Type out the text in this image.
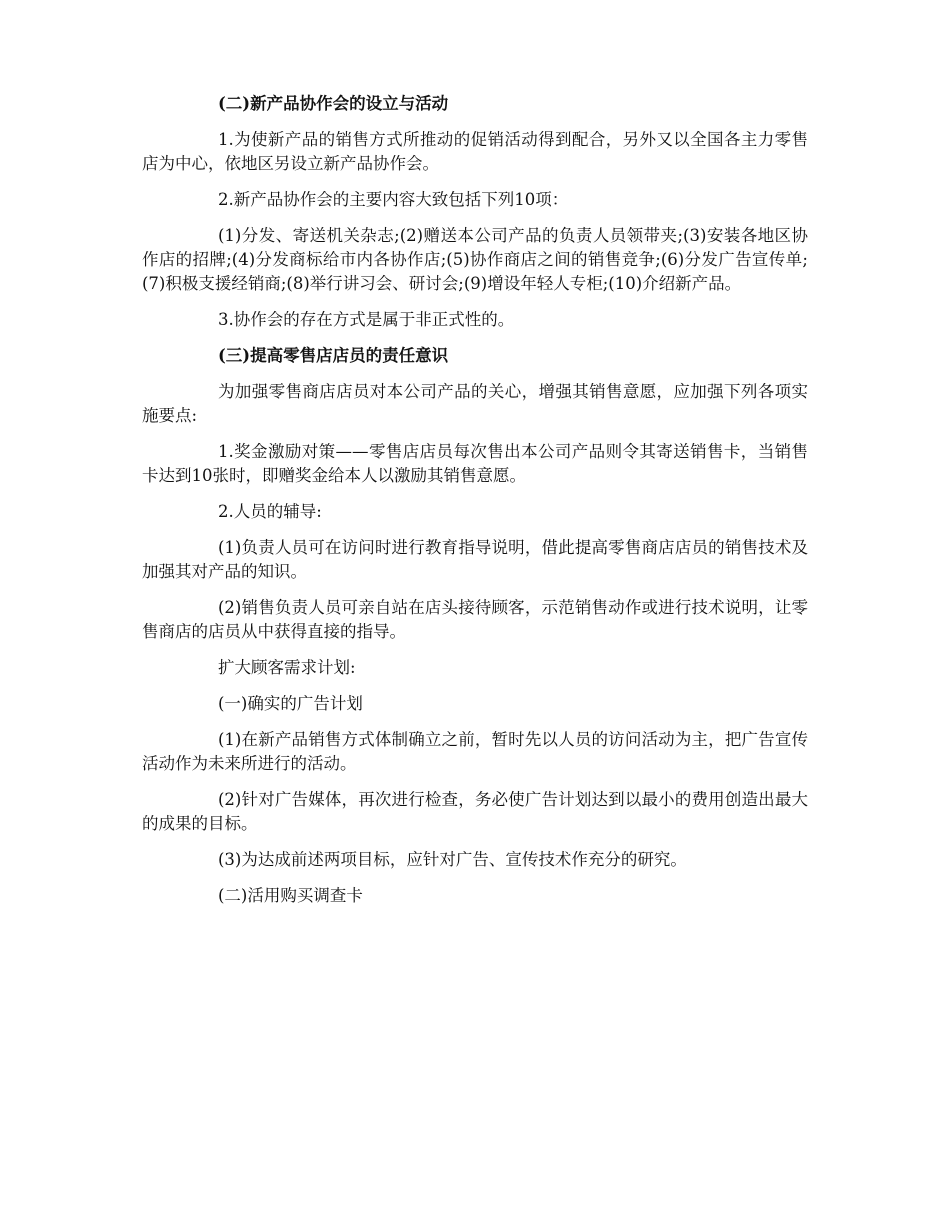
(二)新产品协作会的设立与活动

1.为使新产品的销售方式所推动的促销活动得到配合，另外又以全国各主力零售店为中心，依地区另设立新产品协作会。

2.新产品协作会的主要内容大致包括下列10项：

(1)分发、寄送机关杂志;(2)赠送本公司产品的负责人员领带夹;(3)安装各地区协作店的招牌;(4)分发商标给市内各协作店;(5)协作商店之间的销售竞争;(6)分发广告宣传单;(7)积极支援经销商;(8)举行讲习会、研讨会;(9)增设年轻人专柜;(10)介绍新产品。

3.协作会的存在方式是属于非正式性的。

(三)提高零售店店员的责任意识

为加强零售商店店员对本公司产品的关心，增强其销售意愿，应加强下列各项实施要点:

1.奖金激励对策——零售店店员每次售出本公司产品则令其寄送销售卡，当销售卡达到10张时，即赠奖金给本人以激励其销售意愿。

2.人员的辅导:

(1)负责人员可在访问时进行教育指导说明，借此提高零售商店店员的销售技术及加强其对产品的知识。

(2)销售负责人员可亲自站在店头接待顾客，示范销售动作或进行技术说明，让零售商店的店员从中获得直接的指导。

扩大顾客需求计划:

(一)确实的广告计划

(1)在新产品销售方式体制确立之前，暂时先以人员的访问活动为主，把广告宣传活动作为未来所进行的活动。

(2)针对广告媒体，再次进行检查，务必使广告计划达到以最小的费用创造出最大的成果的目标。

(3)为达成前述两项目标，应针对广告、宣传技术作充分的研究。

(二)活用购买调查卡
